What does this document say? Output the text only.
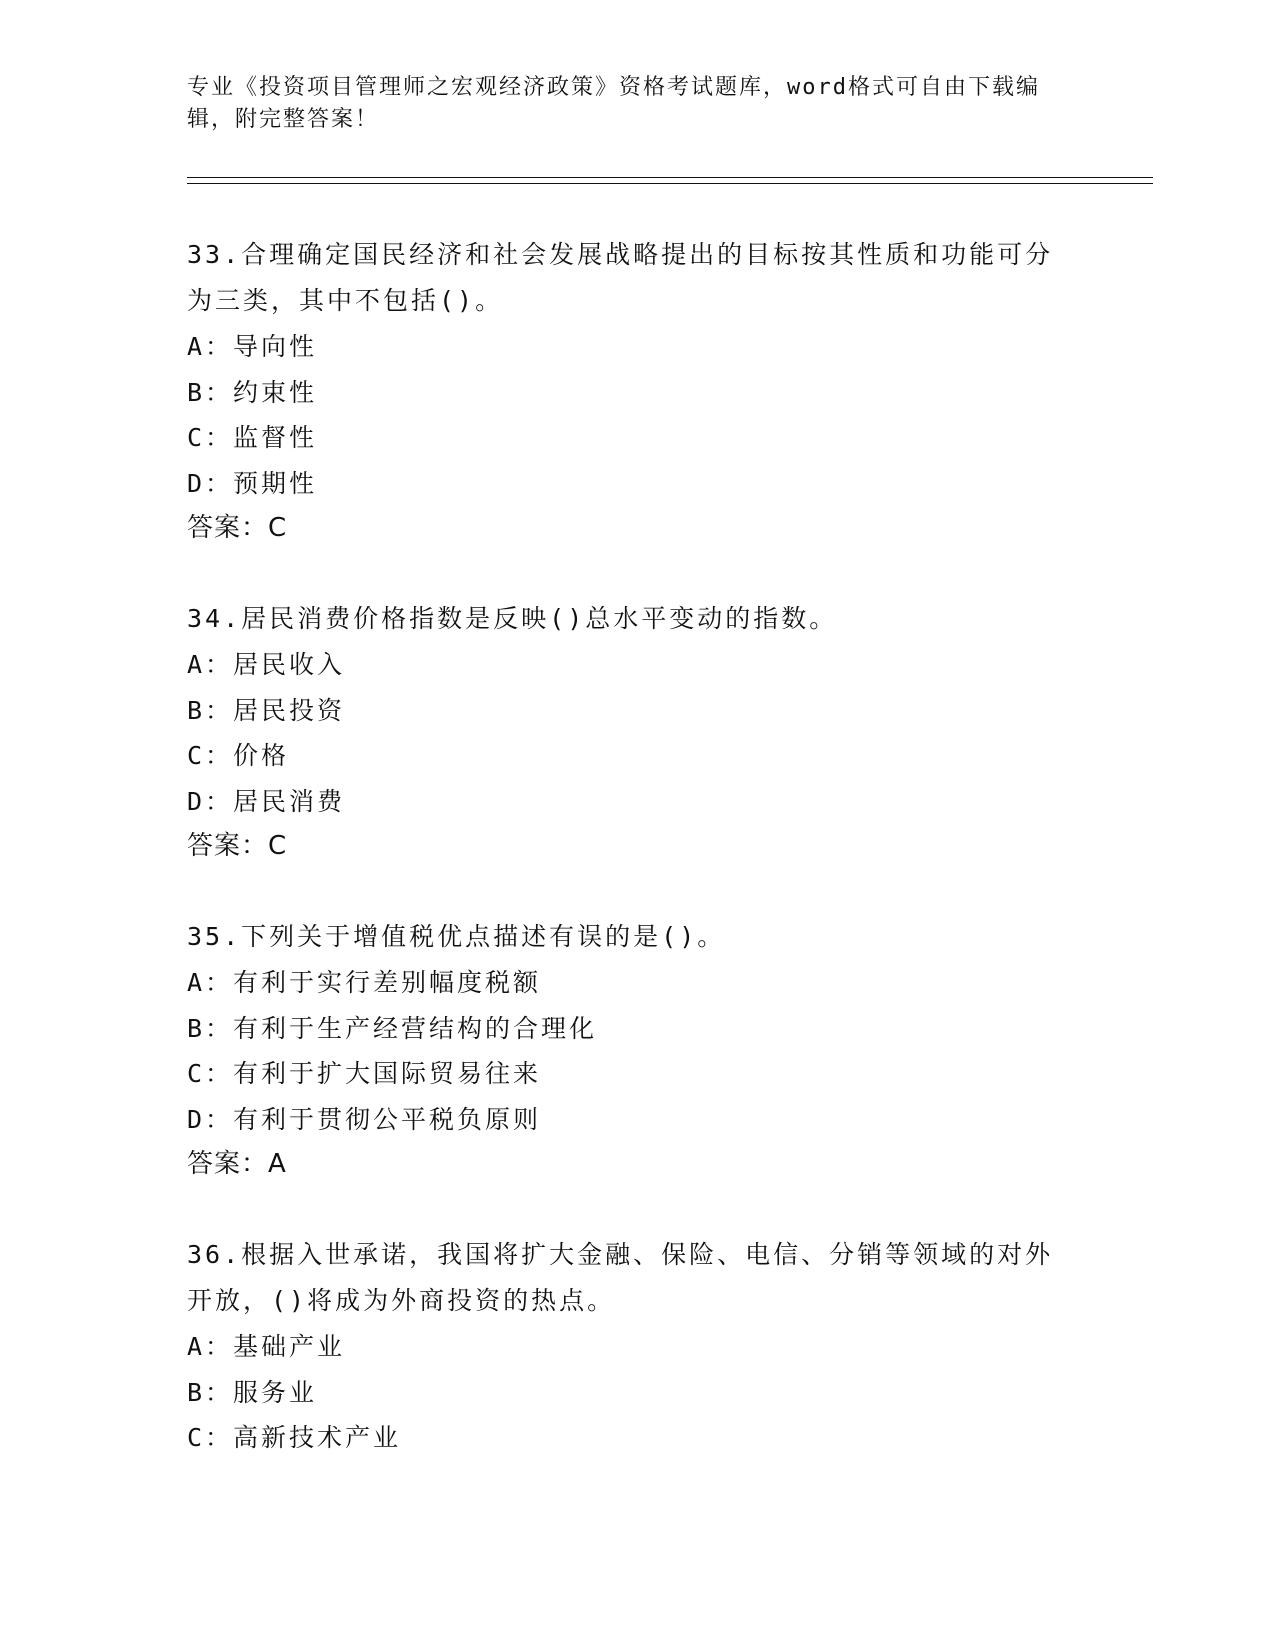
专业《投资项目管理师之宏观经济政策》资格考试题库，word格式可自由下载编
辑，附完整答案！
33.合理确定国民经济和社会发展战略提出的目标按其性质和功能可分
为三类，其中不包括()。
A：导向性
B：约束性
C：监督性
D：预期性
答案：C
34.居民消费价格指数是反映()总水平变动的指数。
A：居民收入
B：居民投资
C：价格
D：居民消费
答案：C
35.下列关于增值税优点描述有误的是()。
A：有利于实行差别幅度税额
B：有利于生产经营结构的合理化
C：有利于扩大国际贸易往来
D：有利于贯彻公平税负原则
答案：A
36.根据入世承诺，我国将扩大金融、保险、电信、分销等领域的对外
开放，()将成为外商投资的热点。
A：基础产业
B：服务业
C：高新技术产业
